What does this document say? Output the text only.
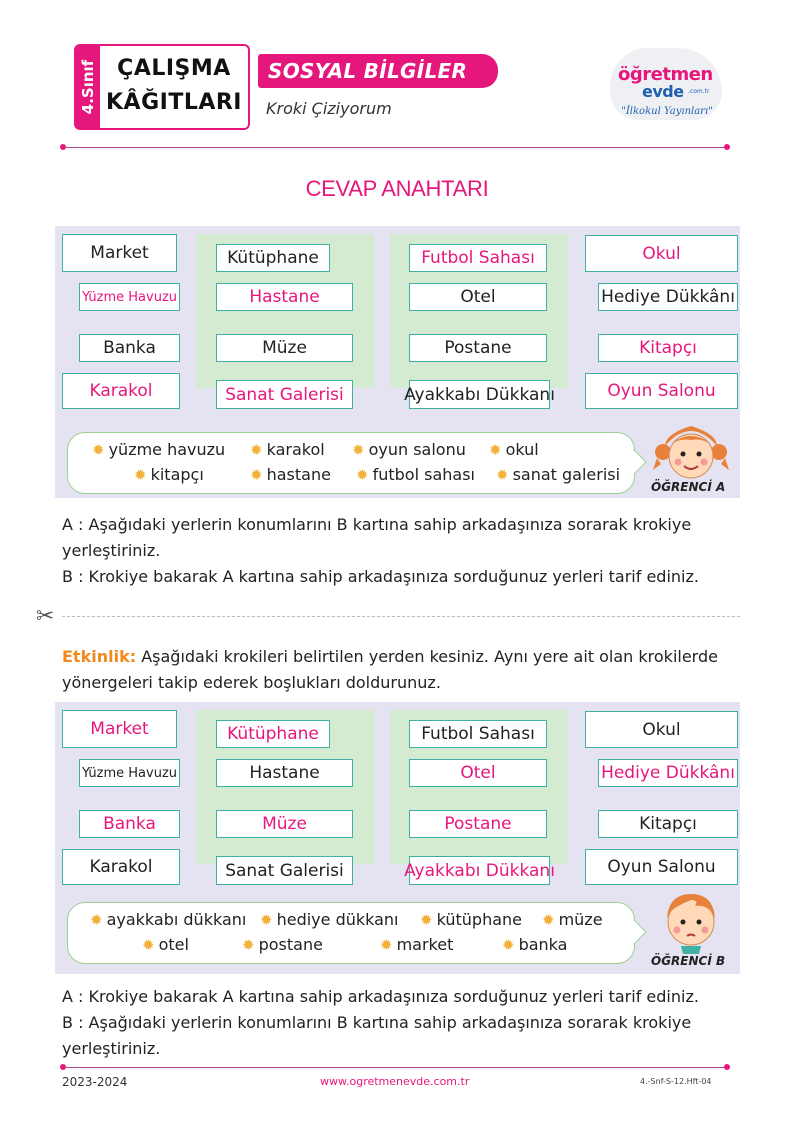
4.Sınıf ÇALIŞMA
KÂĞITLARI
SOSYAL BİLGİLER
Kroki Çiziyorum
öğretmen
evde .com.tr
"İlkokul Yayınları"
CEVAP ANAHTARI
Market	Kütüphane	Futbol Sahası	Okul
Yüzme Havuzu	Hastane	Otel	Hediye Dükkânı
Banka	Müze	Postane	Kitapçı
Karakol	Sanat Galerisi	Ayakkabı Dükkanı	Oyun Salonu
✹ yüzme havuzu ✹ karakol ✹ oyun salonu ✹ okul
✹ kitapçı	✹ hastane ✹ futbol sahası ✹ sanat galerisi
ÖĞRENCİ A
A : Aşağıdaki yerlerin konumlarını B kartına sahip arkadaşınıza sorarak krokiye yerleştiriniz.
B : Krokiye bakarak A kartına sahip arkadaşınıza sorduğunuz yerleri tarif ediniz.
✂
Etkinlik: Aşağıdaki krokileri belirtilen yerden kesiniz. Aynı yere ait olan krokilerde yönergeleri takip ederek boşlukları doldurunuz.
Market	Kütüphane	Futbol Sahası	Okul
Yüzme Havuzu	Hastane	Otel	Hediye Dükkânı
Banka	Müze	Postane	Kitapçı
Karakol	Sanat Galerisi	Ayakkabı Dükkanı	Oyun Salonu
✹ ayakkabı dükkanı ✹ hediye dükkanı ✹ kütüphane ✹ müze
✹ otel	✹ postane	✹ market	✹ banka
ÖĞRENCİ B
A : Krokiye bakarak A kartına sahip arkadaşınıza sorduğunuz yerleri tarif ediniz.
B : Aşağıdaki yerlerin konumlarını B kartına sahip arkadaşınıza sorarak krokiye yerleştiriniz.
2023-2024	www.ogretmenevde.com.tr	4.-Snf-S-12.Hft-04
